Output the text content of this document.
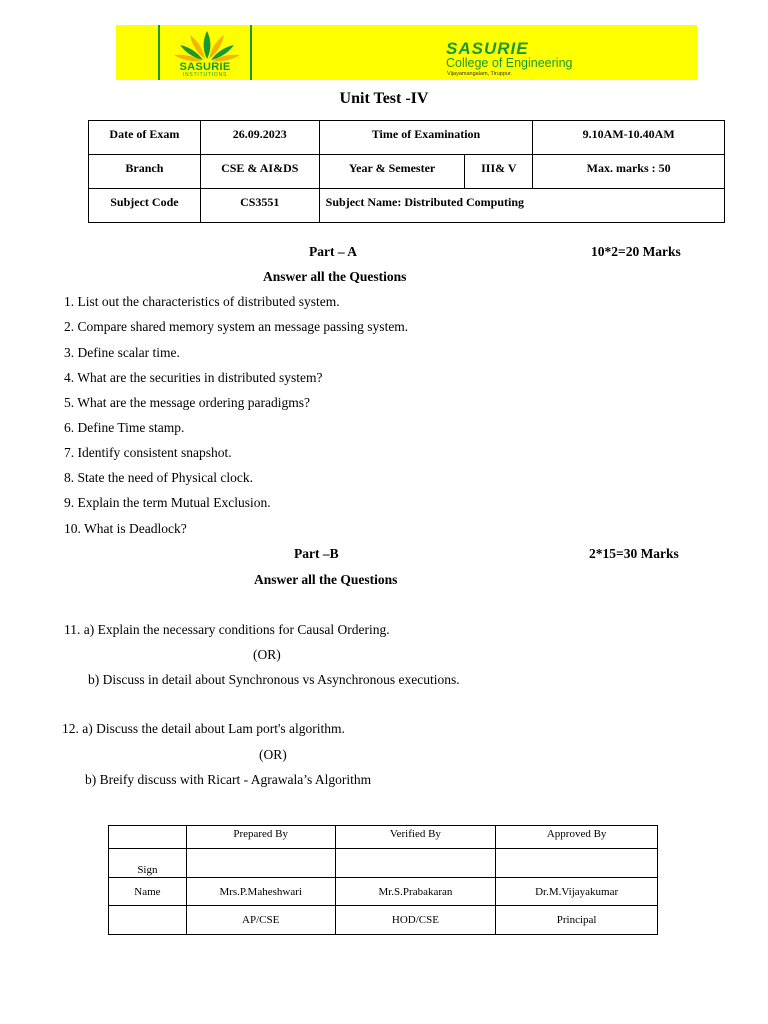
SASURIE
INSTITUTIONS
SASURIE
College of Engineering
Vijayamangalam, Tiruppur.
Unit Test -IV
Date of Exam	26.09.2023	Time of Examination		9.10AM-10.40AM
Branch	CSE & AI&DS	Year & Semester	III& V	Max. marks : 50
Subject Code	CS3551	Subject Name: Distributed Computing		
Part – A	10*2=20 Marks
Answer all the Questions
1. List out the characteristics of distributed system.
2. Compare shared memory system an message passing system.
3. Define scalar time.
4. What are the securities in distributed system?
5. What are the message ordering paradigms?
6. Define Time stamp.
7. Identify consistent snapshot.
8. State the need of Physical clock.
9. Explain the term Mutual Exclusion.
10. What is Deadlock?
Part –B	2*15=30 Marks
Answer all the Questions
11. a) Explain the necessary conditions for Causal Ordering.
(OR)
b) Discuss in detail about Synchronous vs Asynchronous executions.
12. a) Discuss the detail about Lam port's algorithm.
(OR)
b) Breify discuss with Ricart - Agrawala’s Algorithm
	Prepared By	Verified By	Approved By
Sign			
Name	Mrs.P.Maheshwari	Mr.S.Prabakaran	Dr.M.Vijayakumar
	AP/CSE	HOD/CSE	Principal
